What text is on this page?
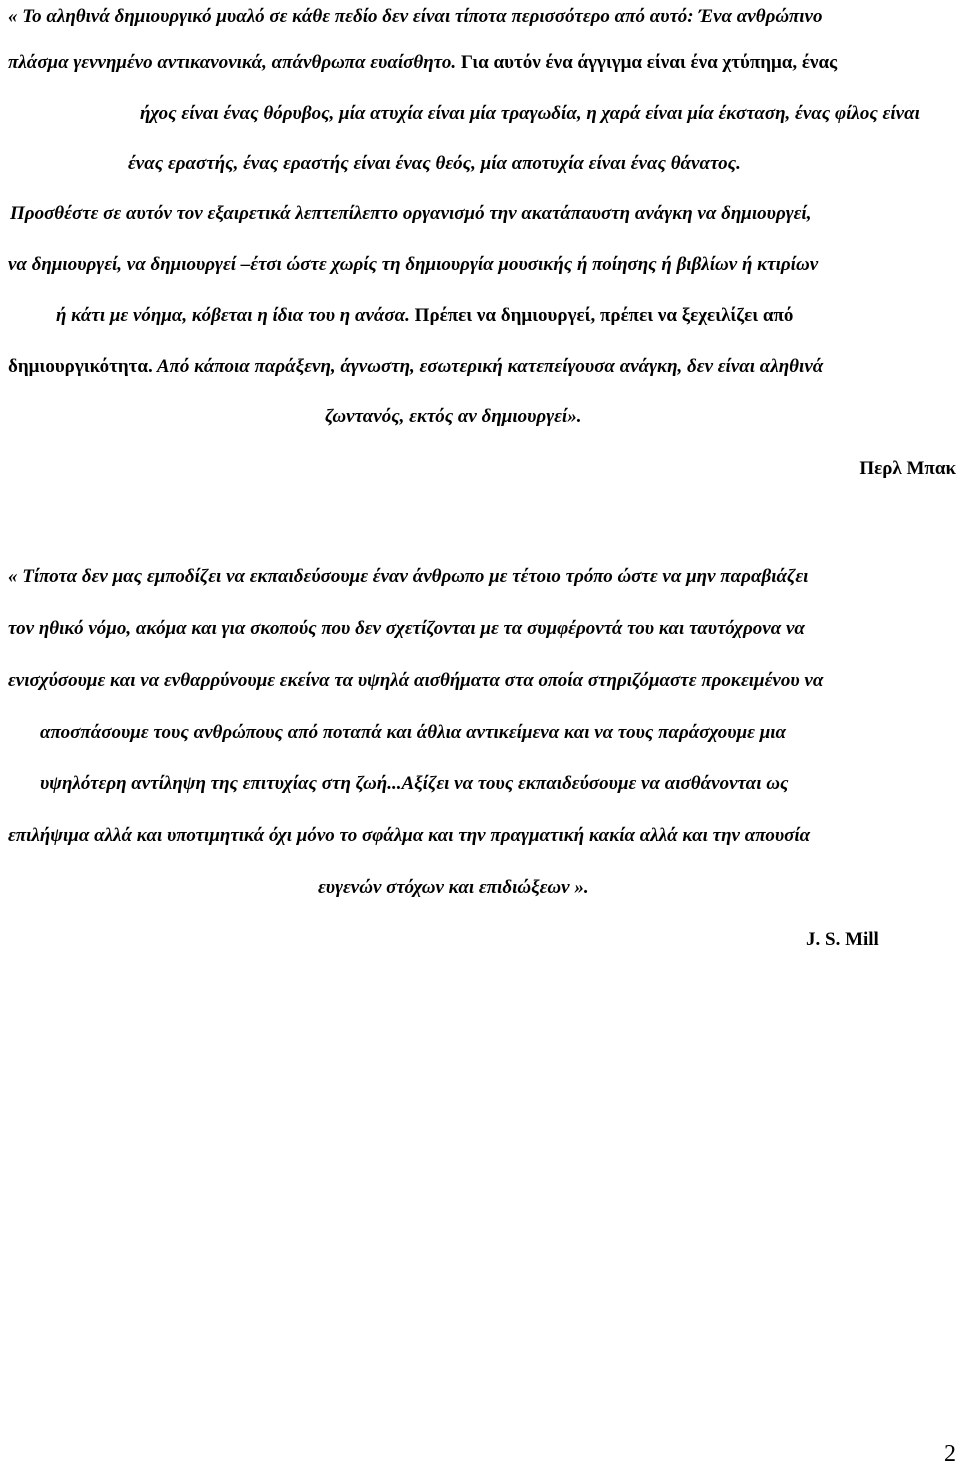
« Το αληθινά δημιουργικό μυαλό σε κάθε πεδίο δεν είναι τίποτα περισσότερο από αυτό: Ένα ανθρώπινο
πλάσμα γεννημένο αντικανονικά, απάνθρωπα ευαίσθητο. Για αυτόν ένα άγγιγμα είναι ένα χτύπημα, ένας
ήχος είναι ένας θόρυβος, μία ατυχία είναι μία τραγωδία, η χαρά είναι μία έκσταση, ένας φίλος είναι
ένας εραστής, ένας εραστής είναι ένας θεός, μία αποτυχία είναι ένας θάνατος.
Προσθέστε σε αυτόν τον εξαιρετικά λεπτεπίλεπτο οργανισμό την ακατάπαυστη ανάγκη να δημιουργεί,
να δημιουργεί, να δημιουργεί –έτσι ώστε χωρίς τη δημιουργία μουσικής ή ποίησης ή βιβλίων ή κτιρίων
ή κάτι με νόημα, κόβεται η ίδια του η ανάσα. Πρέπει να δημιουργεί, πρέπει να ξεχειλίζει από
δημιουργικότητα. Από κάποια παράξενη, άγνωστη, εσωτερική κατεπείγουσα ανάγκη, δεν είναι αληθινά
ζωντανός, εκτός αν δημιουργεί».
Περλ Μπακ
« Τίποτα δεν μας εμποδίζει να εκπαιδεύσουμε έναν άνθρωπο με τέτοιο τρόπο ώστε να μην παραβιάζει
τον ηθικό νόμο, ακόμα και για σκοπούς που δεν σχετίζονται με τα συμφέροντά του και ταυτόχρονα να
ενισχύσουμε και να ενθαρρύνουμε εκείνα τα υψηλά αισθήματα στα οποία στηριζόμαστε προκειμένου να
αποσπάσουμε τους ανθρώπους από ποταπά και άθλια αντικείμενα και να τους παράσχουμε μια
υψηλότερη αντίληψη της επιτυχίας στη ζωή...Αξίζει να τους εκπαιδεύσουμε να αισθάνονται ως
επιλήψιμα αλλά και υποτιμητικά όχι μόνο το σφάλμα και την πραγματική κακία αλλά και την απουσία
ευγενών στόχων και επιδιώξεων ».
J. S. Mill
2
